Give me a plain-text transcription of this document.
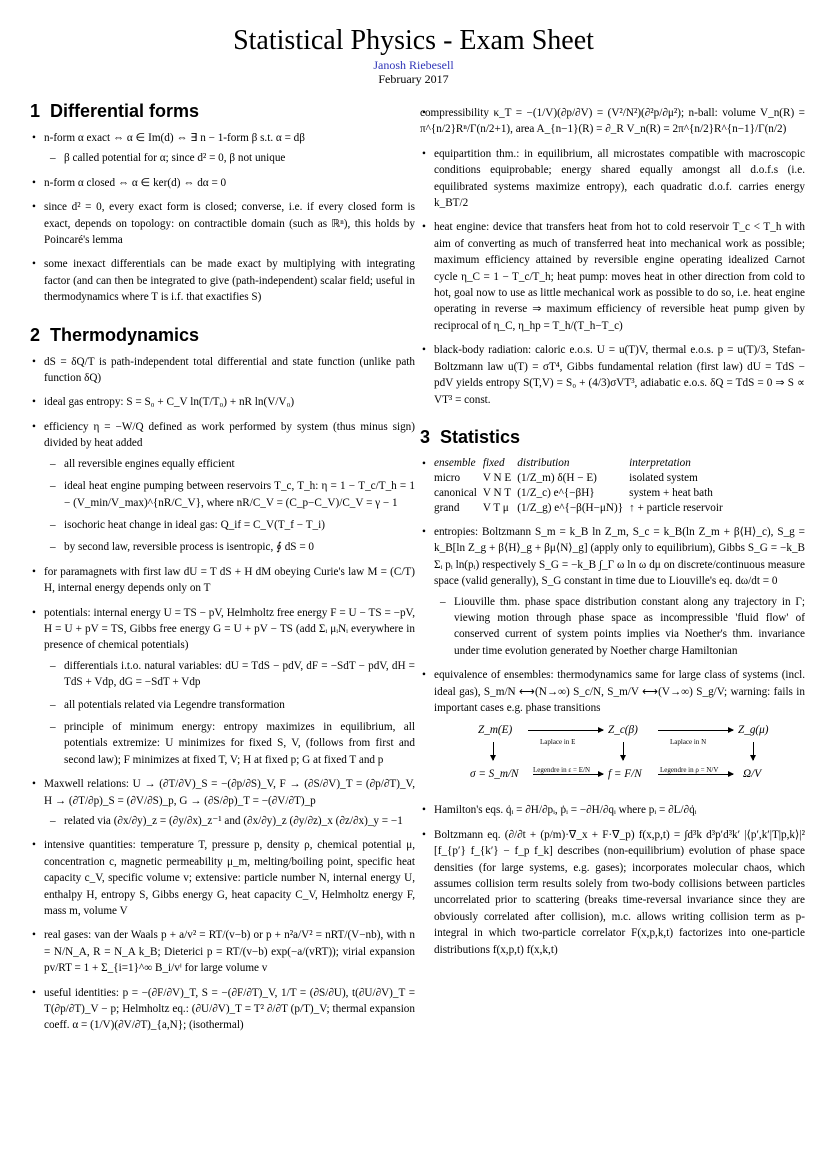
Statistical Physics - Exam Sheet
Janosh Riebesell
February 2017
1 Differential forms
• n-form α exact ⇔ α ∈ Im(d) ⇔ ∃ n − 1-form β s.t. α = dβ
– β called potential for α; since d² = 0, β not unique
• n-form α closed ⇔ α ∈ ker(d) ⇔ dα = 0
• since d² = 0, every exact form is closed; converse, i.e. if every closed form is exact, depends on topology: on contractible domain (such as ℝⁿ), this holds by Poincaré's lemma
• some inexact differentials can be made exact by multiplying with integrating factor (and can then be integrated to give (path-independent) scalar field; useful in thermodynamics where T is i.f. that exactifies S)
2 Thermodynamics
• dS = δQ/T is path-independent total differential and state function (unlike path function δQ)
• ideal gas entropy: S = S₀ + C_V ln(T/T₀) + nR ln(V/V₀)
• efficiency η = −W/Q defined as work performed by system (thus minus sign) divided by heat added
– all reversible engines equally efficient
– ideal heat engine pumping between reservoirs T_c, T_h: η = 1 − T_c/T_h = 1 − (V_min/V_max)^{nR/C_V}, where nR/C_V = (C_p−C_V)/C_V = γ − 1
– isochoric heat change in ideal gas: Q_if = C_V(T_f − T_i)
– by second law, reversible process is isentropic, ∮ dS = 0
• for paramagnets with first law dU = T dS + H dM obeying Curie's law M = (C/T) H, internal energy depends only on T
• potentials: internal energy U = TS − pV, Helmholtz free energy F = U − TS = −pV, H = U + pV = TS, Gibbs free energy G = U + pV − TS (add Σᵢ μᵢNᵢ everywhere in presence of chemical potentials)
– differentials i.t.o. natural variables: dU = TdS − pdV, dF = −SdT − pdV, dH = TdS + Vdp, dG = −SdT + Vdp
– all potentials related via Legendre transformation
– principle of minimum energy: entropy maximizes in equilibrium, all potentials extremize: U minimizes for fixed S, V, (follows from first and second law); F minimizes at fixed T, V; H at fixed p; G at fixed T and p
• Maxwell relations: U → (∂T/∂V)_S = −(∂p/∂S)_V, F → (∂S/∂V)_T = (∂p/∂T)_V, H → (∂T/∂p)_S = (∂V/∂S)_p, G → (∂S/∂p)_T = −(∂V/∂T)_p
– related via (∂x/∂y)_z = (∂y/∂x)_z⁻¹ and (∂x/∂y)_z (∂y/∂z)_x (∂z/∂x)_y = −1
• intensive quantities: temperature T, pressure p, density ρ, chemical potential μ, concentration c, magnetic permeability μ_m, melting/boiling point, specific heat capacity c_V, specific volume v; extensive: particle number N, internal energy U, enthalpy H, entropy S, Gibbs energy G, heat capacity C_V, Helmholtz energy F, mass m, volume V
• real gases: van der Waals p + a/v² = RT/(v−b) or p + n²a/V² = nRT/(V−nb), with n = N/N_A, R = N_A k_B; Dieterici p = RT/(v−b) exp(−a/(vRT)); virial expansion pv/RT = 1 + Σ_{i=1}^∞ B_i/vⁱ for large volume v
• useful identities: p = −(∂F/∂V)_T, S = −(∂F/∂T)_V, 1/T = (∂S/∂U), t(∂U/∂V)_T = T(∂p/∂T)_V − p; Helmholtz eq.: (∂U/∂V)_T = T² ∂/∂T (p/T)_V; thermal expansion coeff. α = (1/V)(∂V/∂T)_{a,N}; (isothermal)
• compressibility κ_T = −(1/V)(∂p/∂V) = (V²/N²)(∂²p/∂μ²); n-ball: volume V_n(R) = π^{n/2}Rⁿ/Γ(n/2+1), area A_{n−1}(R) = ∂_R V_n(R) = 2π^{n/2}R^{n−1}/Γ(n/2)
• equipartition thm.: in equilibrium, all microstates compatible with macroscopic conditions equiprobable; energy shared equally amongst all d.o.f.s (i.e. equilibrated systems maximize entropy), each quadratic d.o.f. carries energy k_BT/2
• heat engine: device that transfers heat from hot to cold reservoir T_c < T_h with aim of converting as much of transferred heat into mechanical work as possible; maximum efficiency attained by reversible engine operating idealized Carnot cycle η_C = 1 − T_c/T_h; heat pump: moves heat in other direction from cold to hot, goal now to use as little mechanical work as possible to do so, i.e. heat engine operating in reverse ⇒ maximum efficiency of reversible heat pump given by reciprocal of η_C, η_hp = T_h/(T_h−T_c)
• black-body radiation: caloric e.o.s. U = u(T)V, thermal e.o.s. p = u(T)/3, Stefan-Boltzmann law u(T) = σT⁴, Gibbs fundamental relation (first law) dU = TdS − pdV yields entropy S(T,V) = S₀ + (4/3)σVT³, adiabatic e.o.s. δQ = TdS = 0 ⇒ S ∝ VT³ = const.
3 Statistics
• ensemble	fixed	distribution	interpretation
micro	V N E	(1/Z_m) δ(H − E)	isolated system
canonical	V N T	(1/Z_c) e^{−βH}	system + heat bath
grand	V T μ	(1/Z_g) e^{−β(H−μN)}	↑ + particle reservoir
• entropies: Boltzmann S_m = k_B ln Z_m, S_c = k_B(ln Z_m + β⟨H⟩_c), S_g = k_B[ln Z_g + β⟨H⟩_g + βμ⟨N⟩_g] (apply only to equilibrium), Gibbs S_G = −k_B Σᵢ pᵢ ln(pᵢ) respectively S_G = −k_B ∫_Γ ω ln ω dμ on discrete/continuous measure space (valid generally), S_G constant in time due to Liouville's eq. dω/dt = 0
– Liouville thm. phase space distribution constant along any trajectory in Γ; viewing motion through phase space as incompressible 'fluid flow' of conserved current of system points implies via Noether's thm. invariance under time evolution generated by Noether charge Hamiltonian
• equivalence of ensembles: thermodynamics same for large class of systems (incl. ideal gas), S_m/N ⟷(N→∞) S_c/N, S_m/V ⟷(V→∞) S_g/V; warning: fails in important cases e.g. phase transitions
Z_m(E)	Z_c(β)	Z_g(μ)
Laplace in E	Laplace in N
σ = S_m/N	f = F/N	Ω/V
Legendre in ε = E/N	Legendre in ρ = N/V
• Hamilton's eqs. q̇ᵢ = ∂H/∂pᵢ, ṗᵢ = −∂H/∂qᵢ where pᵢ = ∂L/∂q̇ᵢ
• Boltzmann eq. (∂/∂t + (p/m)·∇_x + F·∇_p) f(x,p,t) = ∫d³k d³p′d³k′ |⟨p′,k′|T|p,k⟩|² [f_{p′} f_{k′} − f_p f_k] describes (non-equilibrium) evolution of phase space densities (for large systems, e.g. gases); incorporates molecular chaos, which assumes collision term results solely from two-body collisions between particles uncorrelated prior to scattering (breaks time-reversal invariance since they are obviously correlated after collision), m.c. allows writing collision term as p-integral in which two-particle correlator F(x,p,k,t) factorizes into one-particle distributions f(x,p,t) f(x,k,t)
